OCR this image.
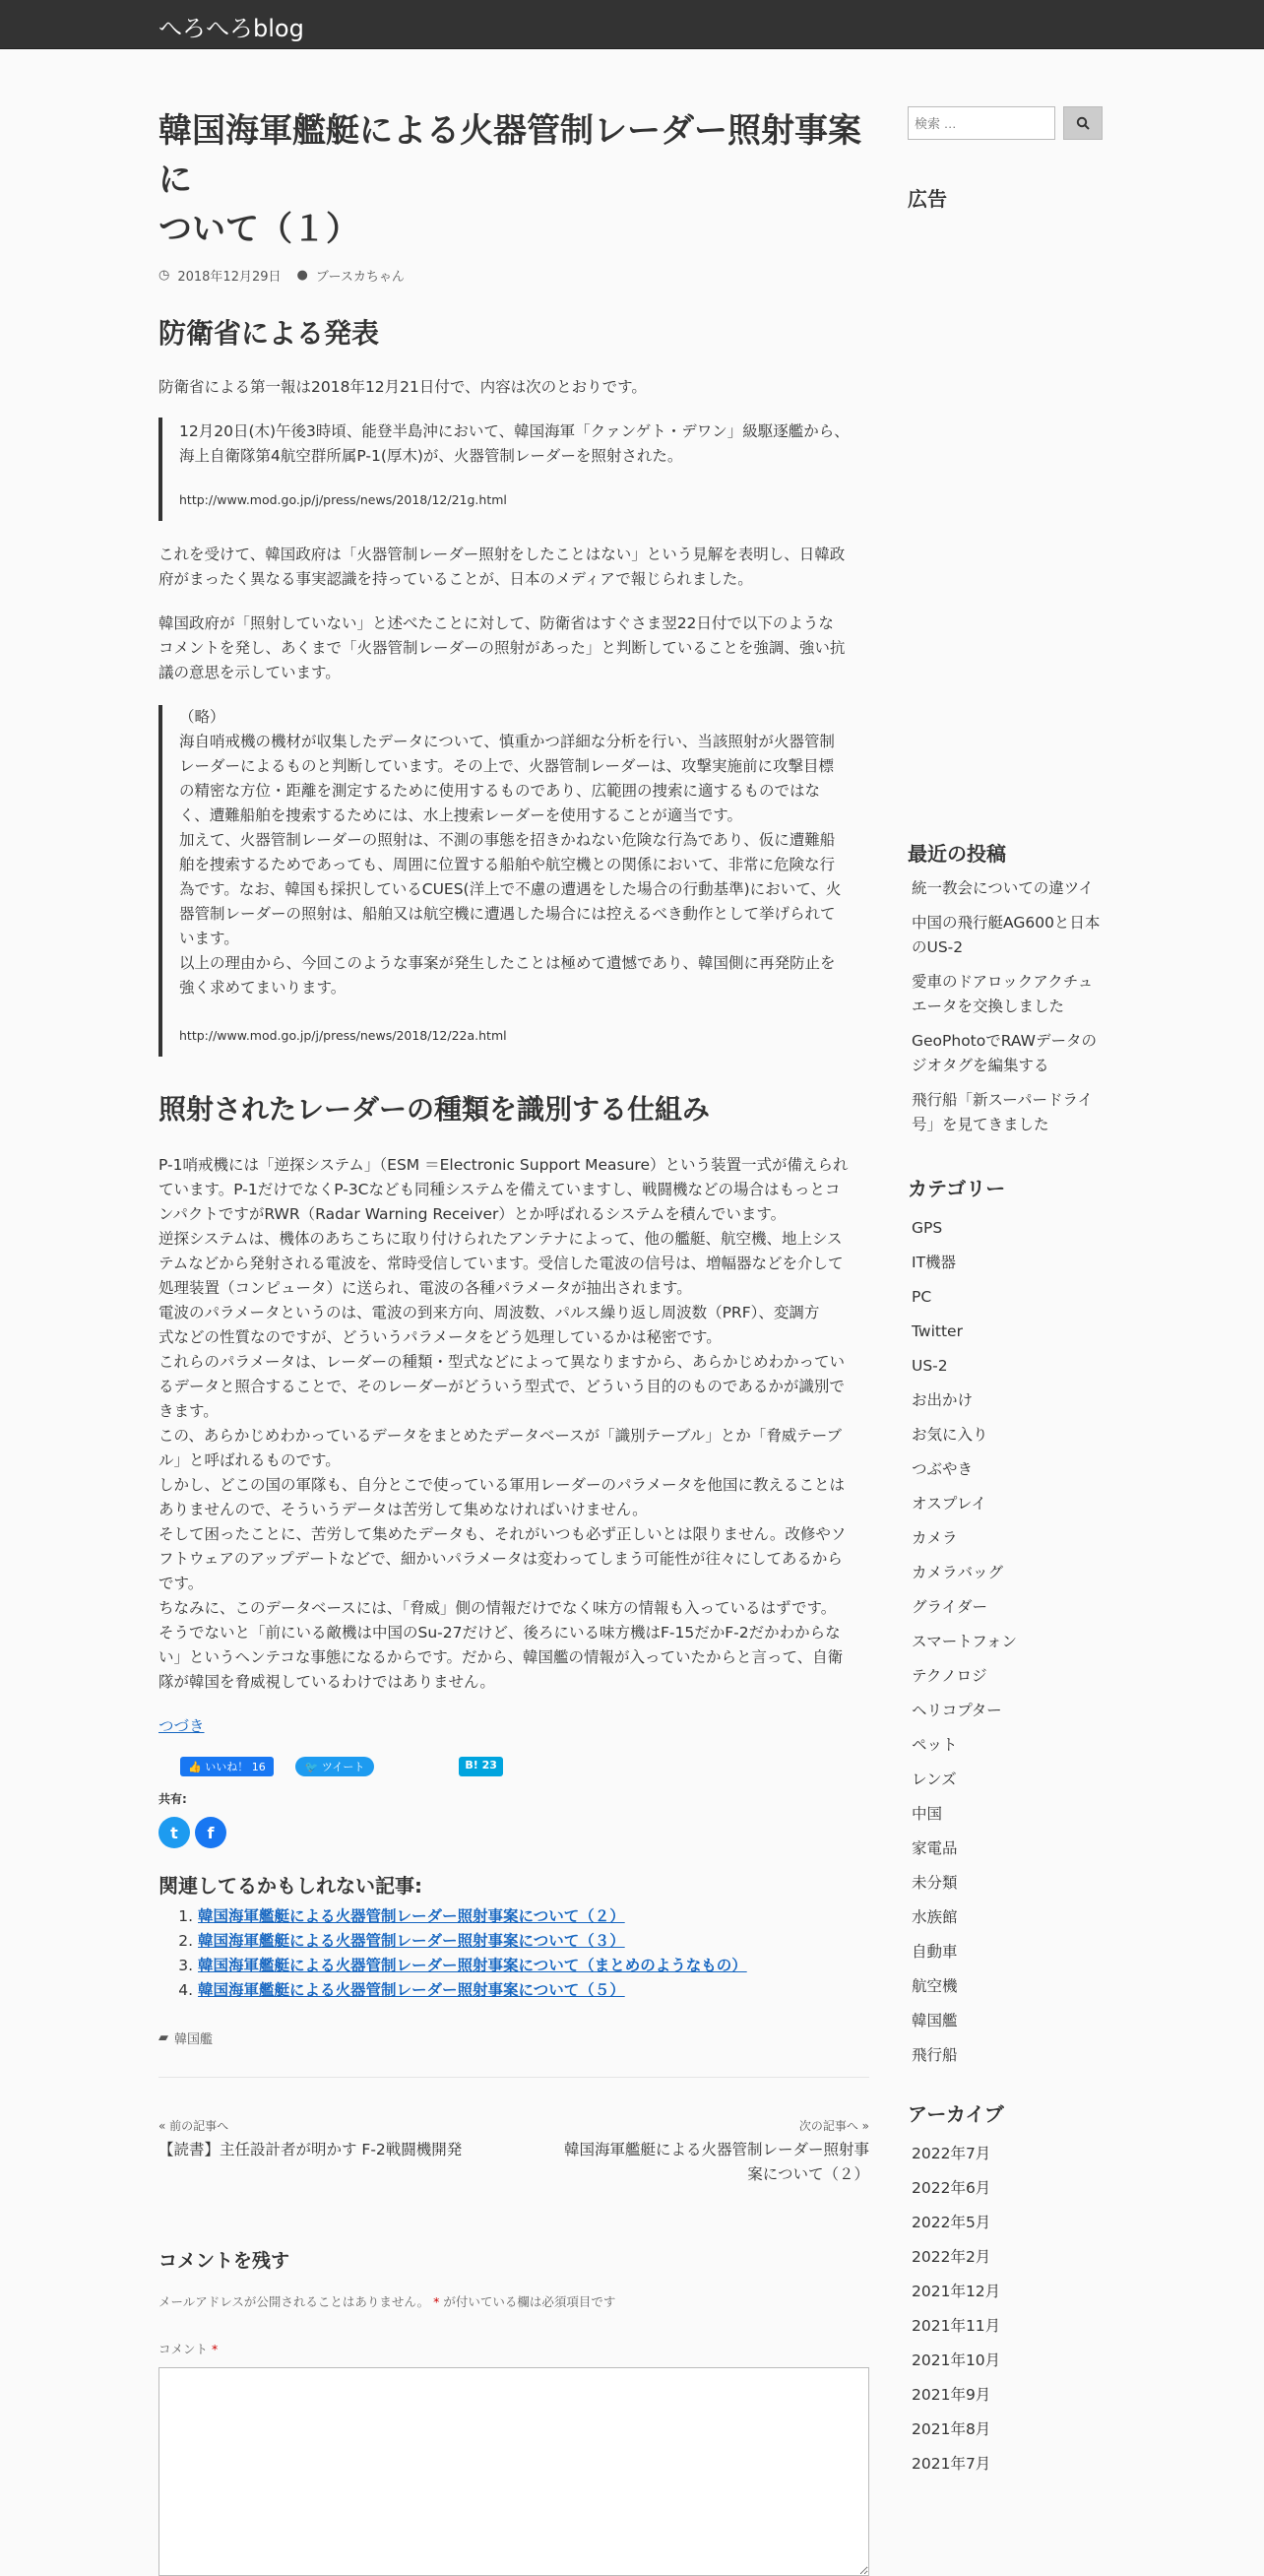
へろへろblog
韓国海軍艦艇による火器管制レーダー照射事案に
ついて（１）
◷ 2018年12月29日 ● ブースカちゃん
防衛省による発表
防衛省による第一報は2018年12月21日付で、内容は次のとおりです。
12月20日(木)午後3時頃、能登半島沖において、韓国海軍「クァンゲト・デワン」級駆逐艦から、
海上自衛隊第4航空群所属P-1(厚木)が、火器管制レーダーを照射された。
http://www.mod.go.jp/j/press/news/2018/12/21g.html
これを受けて、韓国政府は「火器管制レーダー照射をしたことはない」という見解を表明し、日韓政
府がまったく異なる事実認識を持っていることが、日本のメディアで報じられました。
韓国政府が「照射していない」と述べたことに対して、防衛省はすぐさま翌22日付で以下のような
コメントを発し、あくまで「火器管制レーダーの照射があった」と判断していることを強調、強い抗
議の意思を示しています。
（略）
海自哨戒機の機材が収集したデータについて、慎重かつ詳細な分析を行い、当該照射が火器管制
レーダーによるものと判断しています。その上で、火器管制レーダーは、攻撃実施前に攻撃目標
の精密な方位・距離を測定するために使用するものであり、広範囲の捜索に適するものではな
く、遭難船舶を捜索するためには、水上捜索レーダーを使用することが適当です。
加えて、火器管制レーダーの照射は、不測の事態を招きかねない危険な行為であり、仮に遭難船
舶を捜索するためであっても、周囲に位置する船舶や航空機との関係において、非常に危険な行
為です。なお、韓国も採択しているCUES(洋上で不慮の遭遇をした場合の行動基準)において、火
器管制レーダーの照射は、船舶又は航空機に遭遇した場合には控えるべき動作として挙げられて
います。
以上の理由から、今回このような事案が発生したことは極めて遺憾であり、韓国側に再発防止を
強く求めてまいります。
http://www.mod.go.jp/j/press/news/2018/12/22a.html
照射されたレーダーの種類を識別する仕組み
P-1哨戒機には「逆探システム」（ESM ＝Electronic Support Measure）という装置一式が備えられ
ています。P-1だけでなくP-3Cなども同種システムを備えていますし、戦闘機などの場合はもっとコ
ンパクトですがRWR（Radar Warning Receiver）とか呼ばれるシステムを積んでいます。
逆探システムは、機体のあちこちに取り付けられたアンテナによって、他の艦艇、航空機、地上シス
テムなどから発射される電波を、常時受信しています。受信した電波の信号は、増幅器などを介して
処理装置（コンピュータ）に送られ、電波の各種パラメータが抽出されます。
電波のパラメータというのは、電波の到来方向、周波数、パルス繰り返し周波数（PRF）、変調方
式などの性質なのですが、どういうパラメータをどう処理しているかは秘密です。
これらのパラメータは、レーダーの種類・型式などによって異なりますから、あらかじめわかってい
るデータと照合することで、そのレーダーがどういう型式で、どういう目的のものであるかが識別で
きます。
この、あらかじめわかっているデータをまとめたデータベースが「識別テーブル」とか「脅威テーブ
ル」と呼ばれるものです。
しかし、どこの国の軍隊も、自分とこで使っている軍用レーダーのパラメータを他国に教えることは
ありませんので、そういうデータは苦労して集めなければいけません。
そして困ったことに、苦労して集めたデータも、それがいつも必ず正しいとは限りません。改修やソ
フトウェアのアップデートなどで、細かいパラメータは変わってしまう可能性が往々にしてあるから
です。
ちなみに、このデータベースには、「脅威」側の情報だけでなく味方の情報も入っているはずです。
そうでないと「前にいる敵機は中国のSu-27だけど、後ろにいる味方機はF-15だかF-2だかわからな
い」というヘンテコな事態になるからです。だから、韓国艦の情報が入っていたからと言って、自衛
隊が韓国を脅威視しているわけではありません。
つづき
👍 いいね！ 16	🐦 ツイート	B! 23
共有:
t	f
関連してるかもしれない記事:
1. 韓国海軍艦艇による火器管制レーダー照射事案について（２）
2. 韓国海軍艦艇による火器管制レーダー照射事案について（３）
3. 韓国海軍艦艇による火器管制レーダー照射事案について（まとめのようなもの）
4. 韓国海軍艦艇による火器管制レーダー照射事案について（５）
▰ 韓国艦
« 前の記事へ
【読書】主任設計者が明かす F-2戦闘機開発
次の記事へ »
韓国海軍艦艇による火器管制レーダー照射事
案について（２）
コメントを残す
メールアドレスが公開されることはありません。 * が付いている欄は必須項目です
コメント *
検索 …
広告
最近の投稿
統一教会についての違ツイ
中国の飛行艇AG600と日本
のUS-2
愛車のドアロックアクチュ
エータを交換しました
GeoPhotoでRAWデータの
ジオタグを編集する
飛行船「新スーパードライ
号」を見てきました
カテゴリー
GPS
IT機器
PC
Twitter
US-2
お出かけ
お気に入り
つぶやき
オスプレイ
カメラ
カメラバッグ
グライダー
スマートフォン
テクノロジ
ヘリコプター
ペット
レンズ
中国
家電品
未分類
水族館
自動車
航空機
韓国艦
飛行船
アーカイブ
2022年7月
2022年6月
2022年5月
2022年2月
2021年12月
2021年11月
2021年10月
2021年9月
2021年8月
2021年7月
